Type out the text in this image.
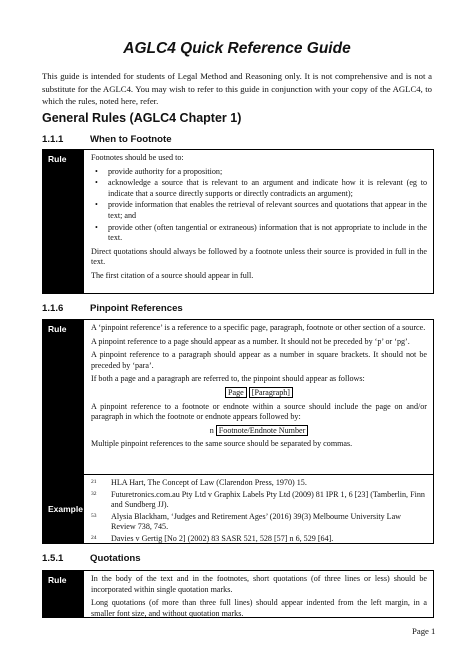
AGLC4 Quick Reference Guide
This guide is intended for students of Legal Method and Reasoning only. It is not comprehensive and is not a substitute for the AGLC4. You may wish to refer to this guide in conjunction with your copy of the AGLC4, to which the rules, noted here, refer.
General Rules (AGLC4 Chapter 1)
1.1.1	When to Footnote
Rule	Footnotes should be used to:

• provide authority for a proposition;
• acknowledge a source that is relevant to an argument and indicate how it is relevant (eg to indicate that a source directly supports or directly contradicts an argument);
• provide information that enables the retrieval of relevant sources and quotations that appear in the text; and
• provide other (often tangential or extraneous) information that is not appropriate to include in the text.

Direct quotations should always be followed by a footnote unless their source is provided in full in the text.

The first citation of a source should appear in full.

1.1.6	Pinpoint References
Rule	A ‘pinpoint reference’ is a reference to a specific page, paragraph, footnote or other section of a source.

A pinpoint reference to a page should appear as a number. It should not be preceded by ‘p’ or ‘pg’.

A pinpoint reference to a paragraph should appear as a number in square brackets. It should not be preceded by ‘para’.

If both a page and a paragraph are referred to, the pinpoint should appear as follows:

Page [Paragraph]

A pinpoint reference to a footnote or endnote within a source should include the page on and/or paragraph in which the footnote or endnote appears followed by:

n Footnote/Endnote Number

Multiple pinpoint references to the same source should be separated by commas.

Example
21	HLA Hart, The Concept of Law (Clarendon Press, 1970) 15.
32	Futuretronics.com.au Pty Ltd v Graphix Labels Pty Ltd (2009) 81 IPR 1, 6 [23] (Tamberlin, Finn and Sundberg JJ).
53	Alysia Blackham, ‘Judges and Retirement Ages’ (2016) 39(3) Melbourne University Law Review 738, 745.
24	Davies v Gertig [No 2] (2002) 83 SASR 521, 528 [57] n 6, 529 [64].
1.5.1	Quotations
Rule	In the body of the text and in the footnotes, short quotations (of three lines or less) should be incorporated within single quotation marks.

Long quotations (of more than three full lines) should appear indented from the left margin, in a smaller font size, and without quotation marks.

Page 1
